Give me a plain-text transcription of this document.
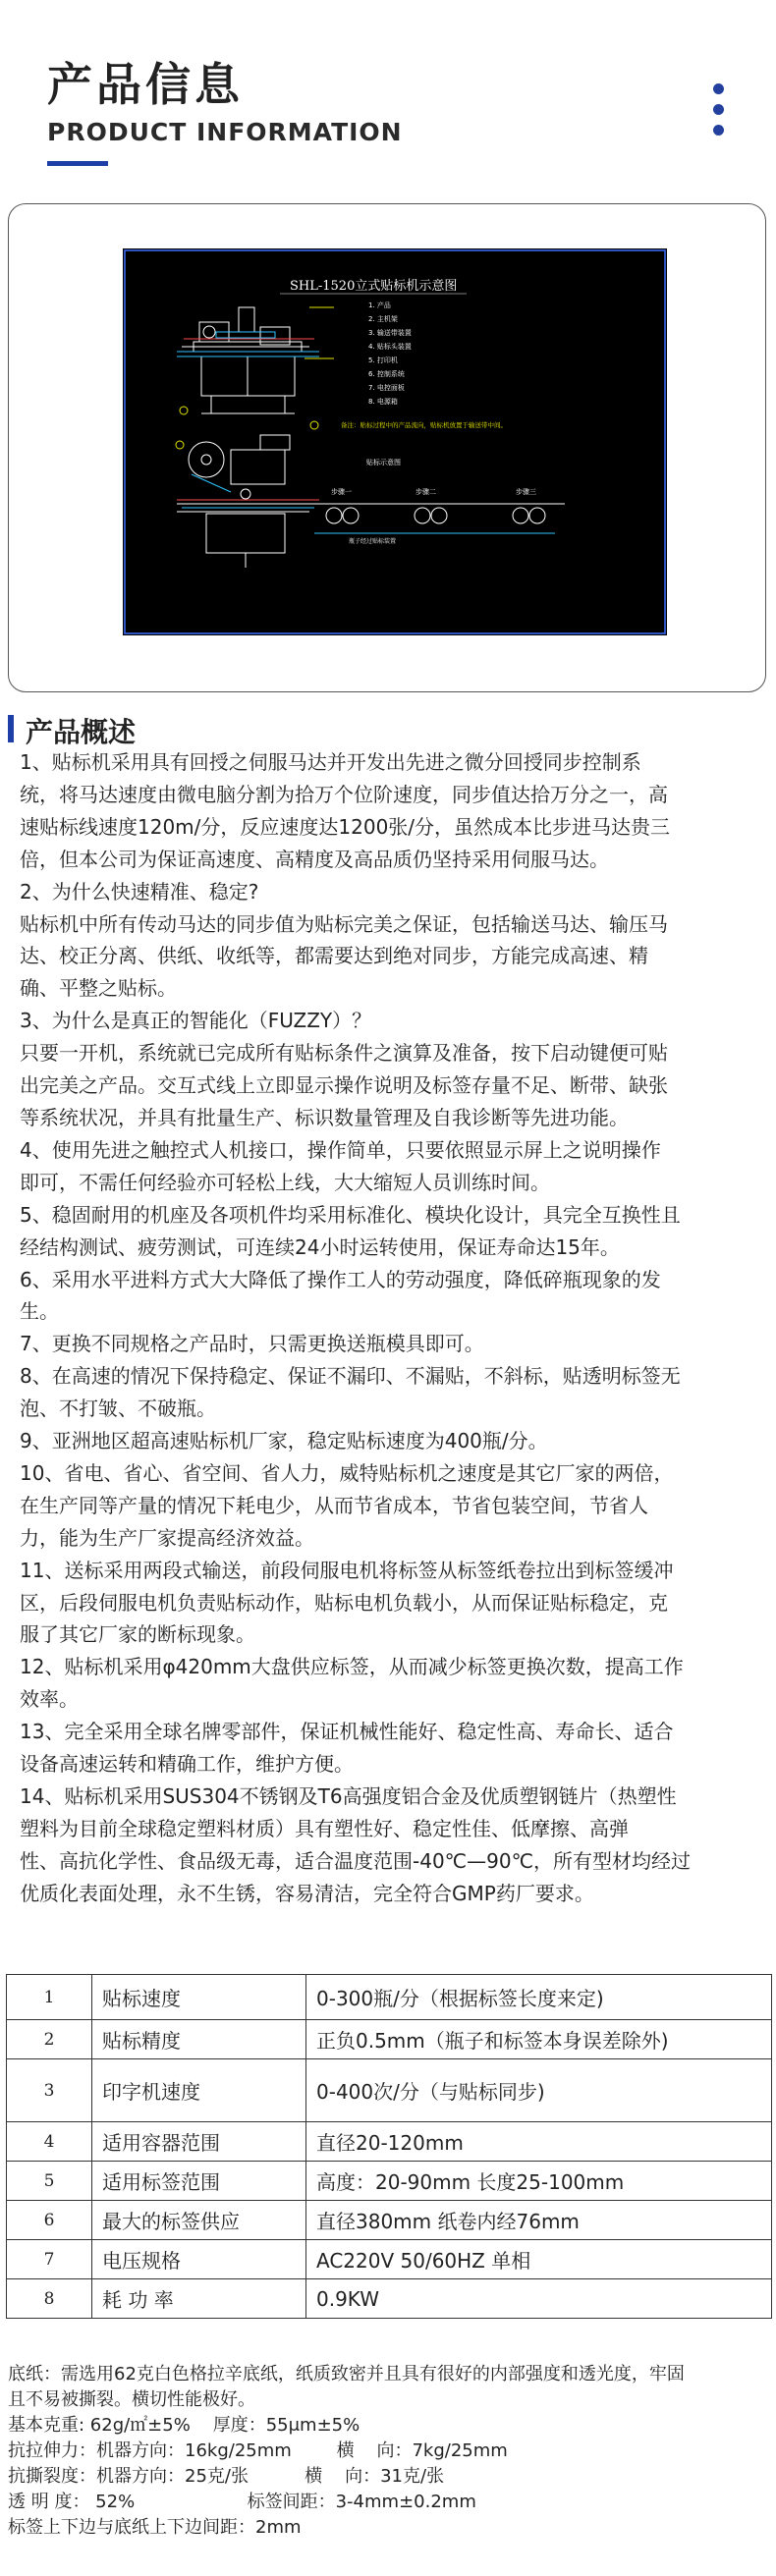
产品信息
PRODUCT INFORMATION
SHL-1520立式贴标机示意图
1. 产品
2. 主机架
3. 输送带装置
4. 贴标头装置
5. 打印机
6. 控制系统
7. 电控面板
8. 电源箱
备注：贴标过程中的产品流向，贴标机放置于输送带中间。
贴标示意图
步骤一	步骤二	步骤三
瓶子经过贴标装置
产品概述

1、贴标机采用具有回授之伺服马达并开发出先进之微分回授同步控制系

统，将马达速度由微电脑分割为拾万个位阶速度，同步值达拾万分之一，高

速贴标线速度120m/分，反应速度达1200张/分，虽然成本比步进马达贵三

倍，但本公司为保证高速度、高精度及高品质仍坚持采用伺服马达。

2、为什么快速精准、稳定?

贴标机中所有传动马达的同步值为贴标完美之保证，包括输送马达、输压马

达、校正分离、供纸、收纸等，都需要达到绝对同步，方能完成高速、精

确、平整之贴标。

3、为什么是真正的智能化（FUZZY）？

只要一开机，系统就已完成所有贴标条件之演算及准备，按下启动键便可贴

出完美之产品。交互式线上立即显示操作说明及标签存量不足、断带、缺张

等系统状况，并具有批量生产、标识数量管理及自我诊断等先进功能。

4、使用先进之触控式人机接口，操作简单，只要依照显示屏上之说明操作

即可，不需任何经验亦可轻松上线，大大缩短人员训练时间。

5、稳固耐用的机座及各项机件均采用标准化、模块化设计，具完全互换性且

经结构测试、疲劳测试，可连续24小时运转使用，保证寿命达15年。

6、采用水平进料方式大大降低了操作工人的劳动强度，降低碎瓶现象的发

生。

7、更换不同规格之产品时，只需更换送瓶模具即可。

8、在高速的情况下保持稳定、保证不漏印、不漏贴，不斜标，贴透明标签无

泡、不打皱、不破瓶。

9、亚洲地区超高速贴标机厂家，稳定贴标速度为400瓶/分。

10、省电、省心、省空间、省人力，威特贴标机之速度是其它厂家的两倍，

在生产同等产量的情况下耗电少，从而节省成本，节省包装空间，节省人

力，能为生产厂家提高经济效益。

11、送标采用两段式输送，前段伺服电机将标签从标签纸卷拉出到标签缓冲

区，后段伺服电机负责贴标动作，贴标电机负载小，从而保证贴标稳定，克

服了其它厂家的断标现象。

12、贴标机采用φ420mm大盘供应标签，从而减少标签更换次数，提高工作

效率。

13、完全采用全球名牌零部件，保证机械性能好、稳定性高、寿命长、适合

设备高速运转和精确工作，维护方便。

14、贴标机采用SUS304不锈钢及T6高强度铝合金及优质塑钢链片（热塑性

塑料为目前全球稳定塑料材质）具有塑性好、稳定性佳、低摩擦、高弹

性、高抗化学性、食品级无毒，适合温度范围-40℃—90℃，所有型材均经过

优质化表面处理，永不生锈，容易清洁，完全符合GMP药厂要求。

1	贴标速度	0-300瓶/分（根据标签长度来定)
2	贴标精度	正负0.5mm（瓶子和标签本身误差除外)
3	印字机速度	0-400次/分（与贴标同步)
4	适用容器范围	直径20-120mm
5	适用标签范围	高度：20-90mm 长度25-100mm
6	最大的标签供应	直径380mm 纸卷内经76mm
7	电压规格	AC220V 50/60HZ 单相
8	耗 功 率	0.9KW

底纸：需选用62克白色格拉辛底纸，纸质致密并且具有很好的内部强度和透光度，牢固

且不易被撕裂。横切性能极好。

基本克重: 62g/㎡±5%    厚度：55μm±5%

抗拉伸力：机器方向：16kg/25mm        横    向：7kg/25mm

抗撕裂度：机器方向：25克/张          横    向：31克/张

透 明 度： 52%                    标签间距：3-4mm±0.2mm

标签上下边与底纸上下边间距：2mm
